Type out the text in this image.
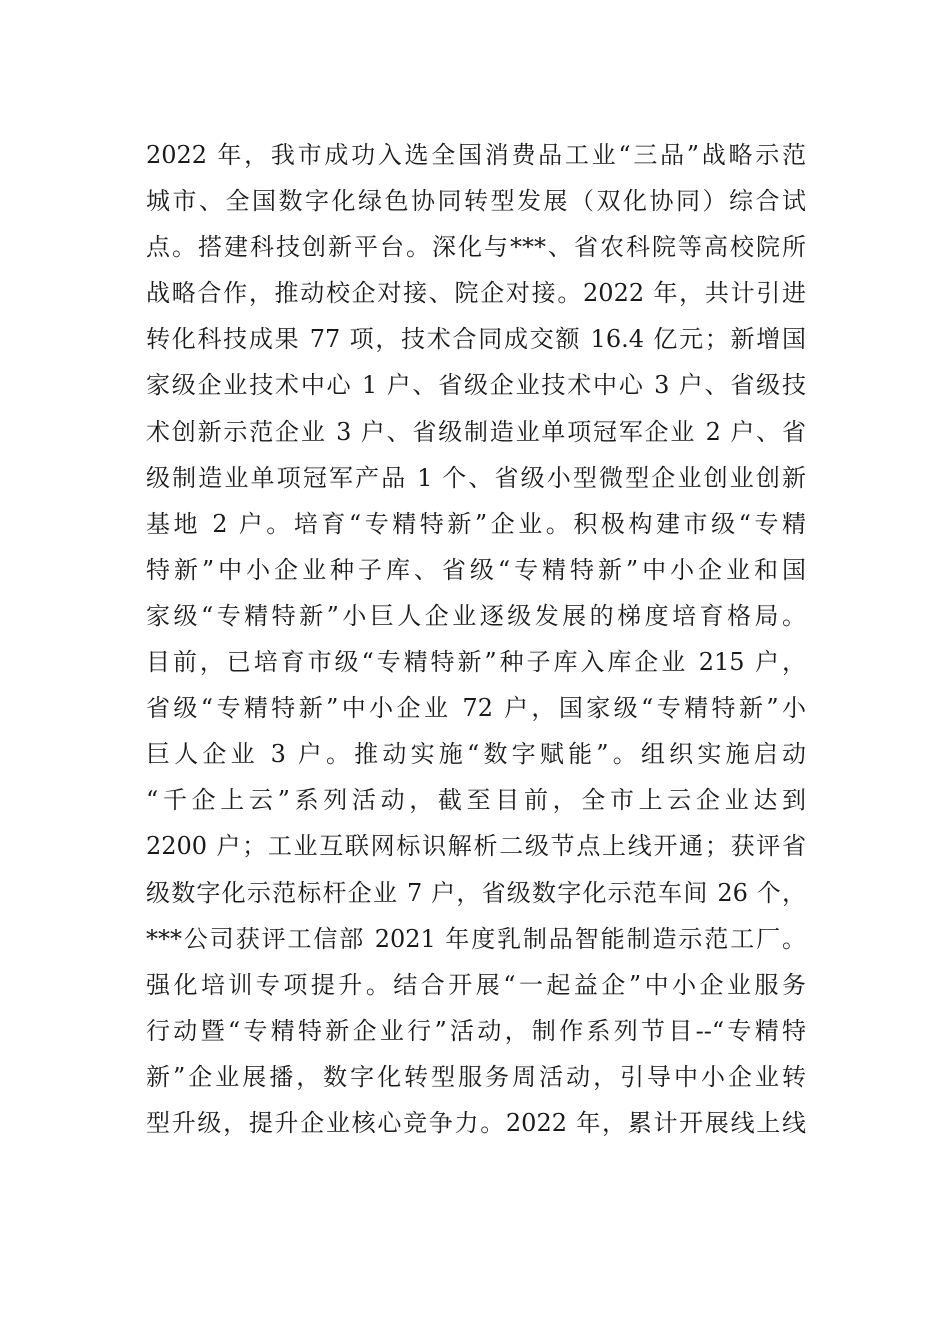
2022 年，我市成功入选全国消费品工业“三品”战略示范
城市、全国数字化绿色协同转型发展（双化协同）综合试
点。搭建科技创新平台。深化与***、省农科院等高校院所
战略合作，推动校企对接、院企对接。2022 年，共计引进
转化科技成果 77 项，技术合同成交额 16.4 亿元；新增国
家级企业技术中心 1 户、省级企业技术中心 3 户、省级技
术创新示范企业 3 户、省级制造业单项冠军企业 2 户、省
级制造业单项冠军产品 1 个、省级小型微型企业创业创新
基地 2 户。培育“专精特新”企业。积极构建市级“专精
特新”中小企业种子库、省级“专精特新”中小企业和国
家级“专精特新”小巨人企业逐级发展的梯度培育格局。
目前，已培育市级“专精特新”种子库入库企业 215 户，
省级“专精特新”中小企业 72 户，国家级“专精特新”小
巨人企业 3 户。推动实施“数字赋能”。组织实施启动
“千企上云”系列活动，截至目前，全市上云企业达到
2200 户；工业互联网标识解析二级节点上线开通；获评省
级数字化示范标杆企业 7 户，省级数字化示范车间 26 个，
***公司获评工信部 2021 年度乳制品智能制造示范工厂。
强化培训专项提升。结合开展“一起益企”中小企业服务
行动暨“专精特新企业行”活动，制作系列节目--“专精特
新”企业展播，数字化转型服务周活动，引导中小企业转
型升级，提升企业核心竞争力。2022 年，累计开展线上线
